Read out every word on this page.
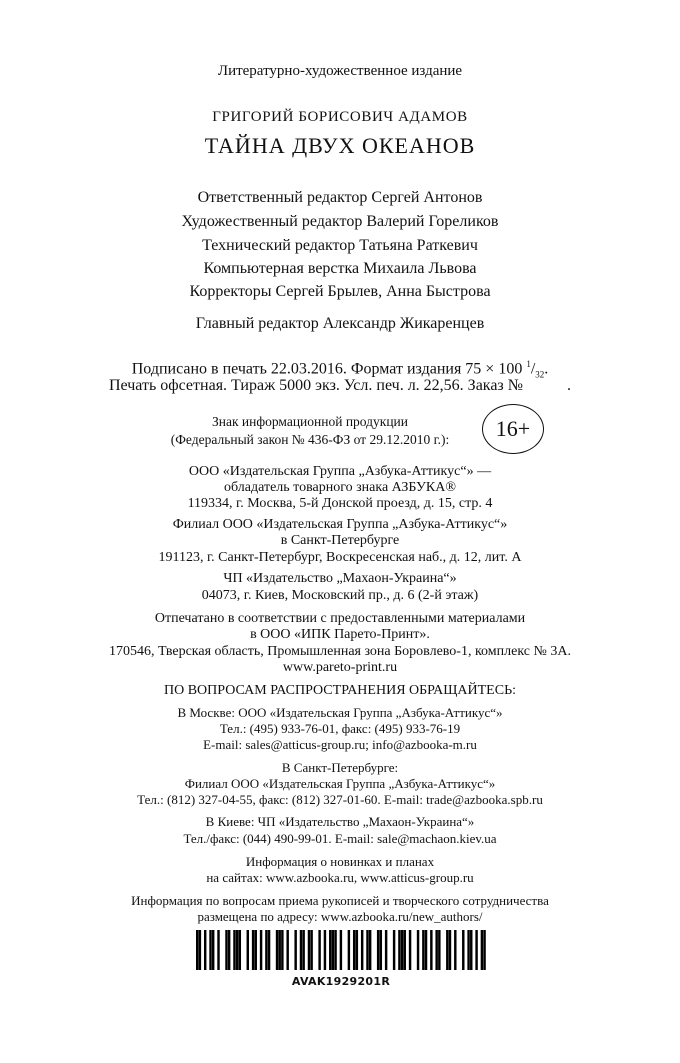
Литературно-художественное издание
ГРИГОРИЙ БОРИСОВИЧ АДАМОВ
ТАЙНА ДВУХ ОКЕАНОВ
Ответственный редактор Сергей Антонов
Художественный редактор Валерий Гореликов
Технический редактор Татьяна Раткевич
Компьютерная верстка Михаила Львова
Корректоры Сергей Брылев, Анна Быстрова
Главный редактор Александр Жикаренцев
Подписано в печать 22.03.2016. Формат издания 75 × 100 $^1/_{32}$.
Печать офсетная. Тираж 5000 экз. Усл. печ. л. 22,56. Заказ №	.
Знак информационной продукции
(Федеральный закон № 436-ФЗ от 29.12.2010 г.):	16+
ООО «Издательская Группа „Азбука-Аттикус“» —
обладатель товарного знака АЗБУКА®
119334, г. Москва, 5-й Донской проезд, д. 15, стр. 4
Филиал ООО «Издательская Группа „Азбука-Аттикус“»
в Санкт-Петербурге
191123, г. Санкт-Петербург, Воскресенская наб., д. 12, лит. А
ЧП «Издательство „Махаон-Украина“»
04073, г. Киев, Московский пр., д. 6 (2-й этаж)
Отпечатано в соответствии с предоставленными материалами
в ООО «ИПК Парето-Принт».
170546, Тверская область, Промышленная зона Боровлево-1, комплекс № 3А.
www.pareto-print.ru
ПО ВОПРОСАМ РАСПРОСТРАНЕНИЯ ОБРАЩАЙТЕСЬ:
В Москве: ООО «Издательская Группа „Азбука-Аттикус“»
Тел.: (495) 933-76-01, факс: (495) 933-76-19
E-mail: sales@atticus-group.ru; info@azbooka-m.ru
В Санкт-Петербурге:
Филиал ООО «Издательская Группа „Азбука-Аттикус“»
Тел.: (812) 327-04-55, факс: (812) 327-01-60. E-mail: trade@azbooka.spb.ru
В Киеве: ЧП «Издательство „Махаон-Украина“»
Тел./факс: (044) 490-99-01. E-mail: sale@machaon.kiev.ua
Информация о новинках и планах
на сайтах: www.azbooka.ru, www.atticus-group.ru
Информация по вопросам приема рукописей и творческого сотрудничества
размещена по адресу: www.azbooka.ru/new_authors/
AVAK1929201R
